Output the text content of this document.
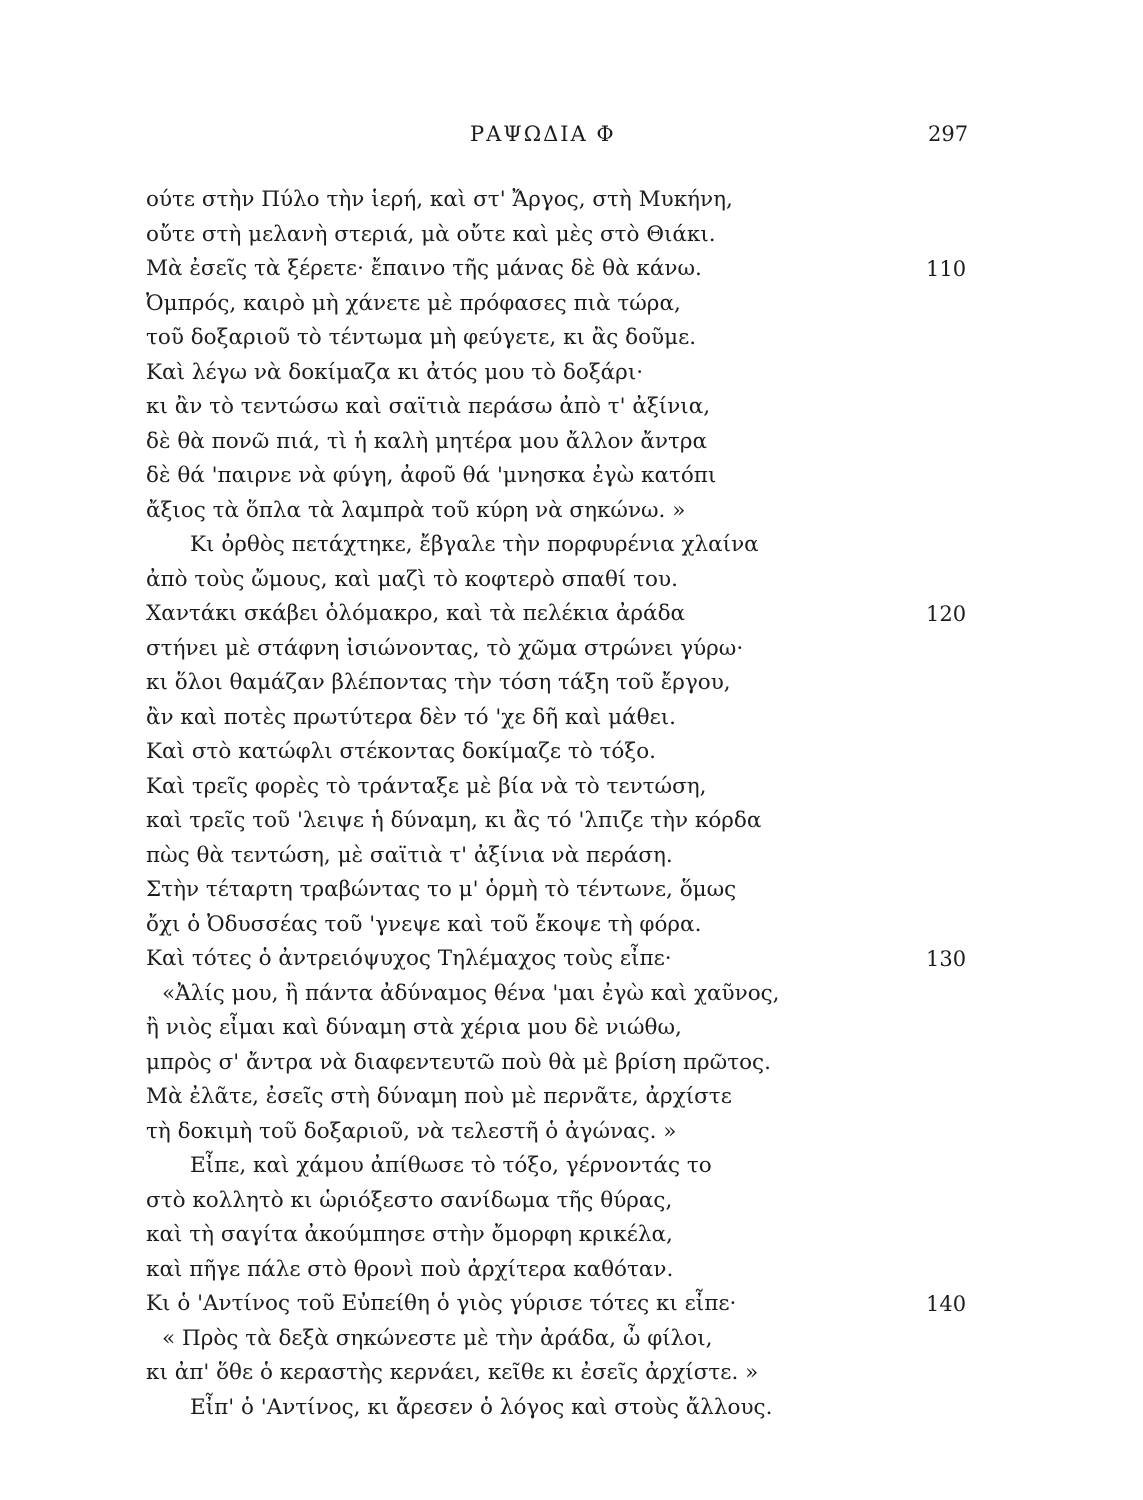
ΡΑΨΩΔΙΑ Φ	297
ούτε στὴν Πύλο τὴν ἱερή, καὶ στ' Ἄργος, στὴ Μυκήνη,
οὔτε στὴ μελανὴ στεριά, μὰ οὔτε καὶ μὲς στὸ Θιάκι.
Μὰ ἐσεῖς τὰ ξέρετε· ἔπαινο τῆς μάνας δὲ θὰ κάνω.	110
Ὀμπρός, καιρὸ μὴ χάνετε μὲ πρόφασες πιὰ τώρα,
τοῦ δοξαριοῦ τὸ τέντωμα μὴ φεύγετε, κι ἂς δοῦμε.
Καὶ λέγω νὰ δοκίμαζα κι ἀτός μου τὸ δοξάρι·
κι ἂν τὸ τεντώσω καὶ σαϊτιὰ περάσω ἀπὸ τ' ἀξίνια,
δὲ θὰ πονῶ πιά, τὶ ἡ καλὴ μητέρα μου ἄλλον ἄντρα
δὲ θά 'παιρνε νὰ φύγη, ἀφοῦ θά 'μνησκα ἐγὼ κατόπι
ἄξιος τὰ ὅπλα τὰ λαμπρὰ τοῦ κύρη νὰ σηκώνω. »
Κι ὀρθὸς πετάχτηκε, ἔβγαλε τὴν πορφυρένια χλαίνα
ἀπὸ τοὺς ὤμους, καὶ μαζὶ τὸ κοφτερὸ σπαθί του.
Χαντάκι σκάβει ὁλόμακρο, καὶ τὰ πελέκια ἀράδα	120
στήνει μὲ στάφνη ἰσιώνοντας, τὸ χῶμα στρώνει γύρω·
κι ὅλοι θαμάζαν βλέποντας τὴν τόση τάξη τοῦ ἔργου,
ἂν καὶ ποτὲς πρωτύτερα δὲν τό 'χε δῆ καὶ μάθει.
Καὶ στὸ κατώφλι στέκοντας δοκίμαζε τὸ τόξο.
Καὶ τρεῖς φορὲς τὸ τράνταξε μὲ βία νὰ τὸ τεντώση,
καὶ τρεῖς τοῦ 'λειψε ἡ δύναμη, κι ἂς τό 'λπιζε τὴν κόρδα
πὼς θὰ τεντώση, μὲ σαϊτιὰ τ' ἀξίνια νὰ περάση.
Στὴν τέταρτη τραβώντας το μ' ὁρμὴ τὸ τέντωνε, ὅμως
ὄχι ὁ Ὀδυσσέας τοῦ 'γνεψε καὶ τοῦ ἔκοψε τὴ φόρα.
Καὶ τότες ὁ ἀντρειόψυχος Τηλέμαχος τοὺς εἶπε·	130
«Ἀλίς μου, ἢ πάντα ἀδύναμος θένα 'μαι ἐγὼ καὶ χαῦνος,
ἢ νιὸς εἶμαι καὶ δύναμη στὰ χέρια μου δὲ νιώθω,
μπρὸς σ' ἄντρα νὰ διαφεντευτῶ ποὺ θὰ μὲ βρίση πρῶτος.
Μὰ ἐλᾶτε, ἐσεῖς στὴ δύναμη ποὺ μὲ περνᾶτε, ἀρχίστε
τὴ δοκιμὴ τοῦ δοξαριοῦ, νὰ τελεστῆ ὁ ἀγώνας. »
Εἶπε, καὶ χάμου ἀπίθωσε τὸ τόξο, γέρνοντάς το
στὸ κολλητὸ κι ὡριόξεστο σανίδωμα τῆς θύρας,
καὶ τὴ σαγίτα ἀκούμπησε στὴν ὄμορφη κρικέλα,
καὶ πῆγε πάλε στὸ θρονὶ ποὺ ἀρχίτερα καθόταν.
Κι ὁ 'Αντίνος τοῦ Εὐπείθη ὁ γιὸς γύρισε τότες κι εἶπε·	140
« Πρὸς τὰ δεξὰ σηκώνεστε μὲ τὴν ἀράδα, ὦ φίλοι,
κι ἀπ' ὅθε ὁ κεραστὴς κερνάει, κεῖθε κι ἐσεῖς ἀρχίστε. »
Εἶπ' ὁ 'Αντίνος, κι ἄρεσεν ὁ λόγος καὶ στοὺς ἄλλους.
